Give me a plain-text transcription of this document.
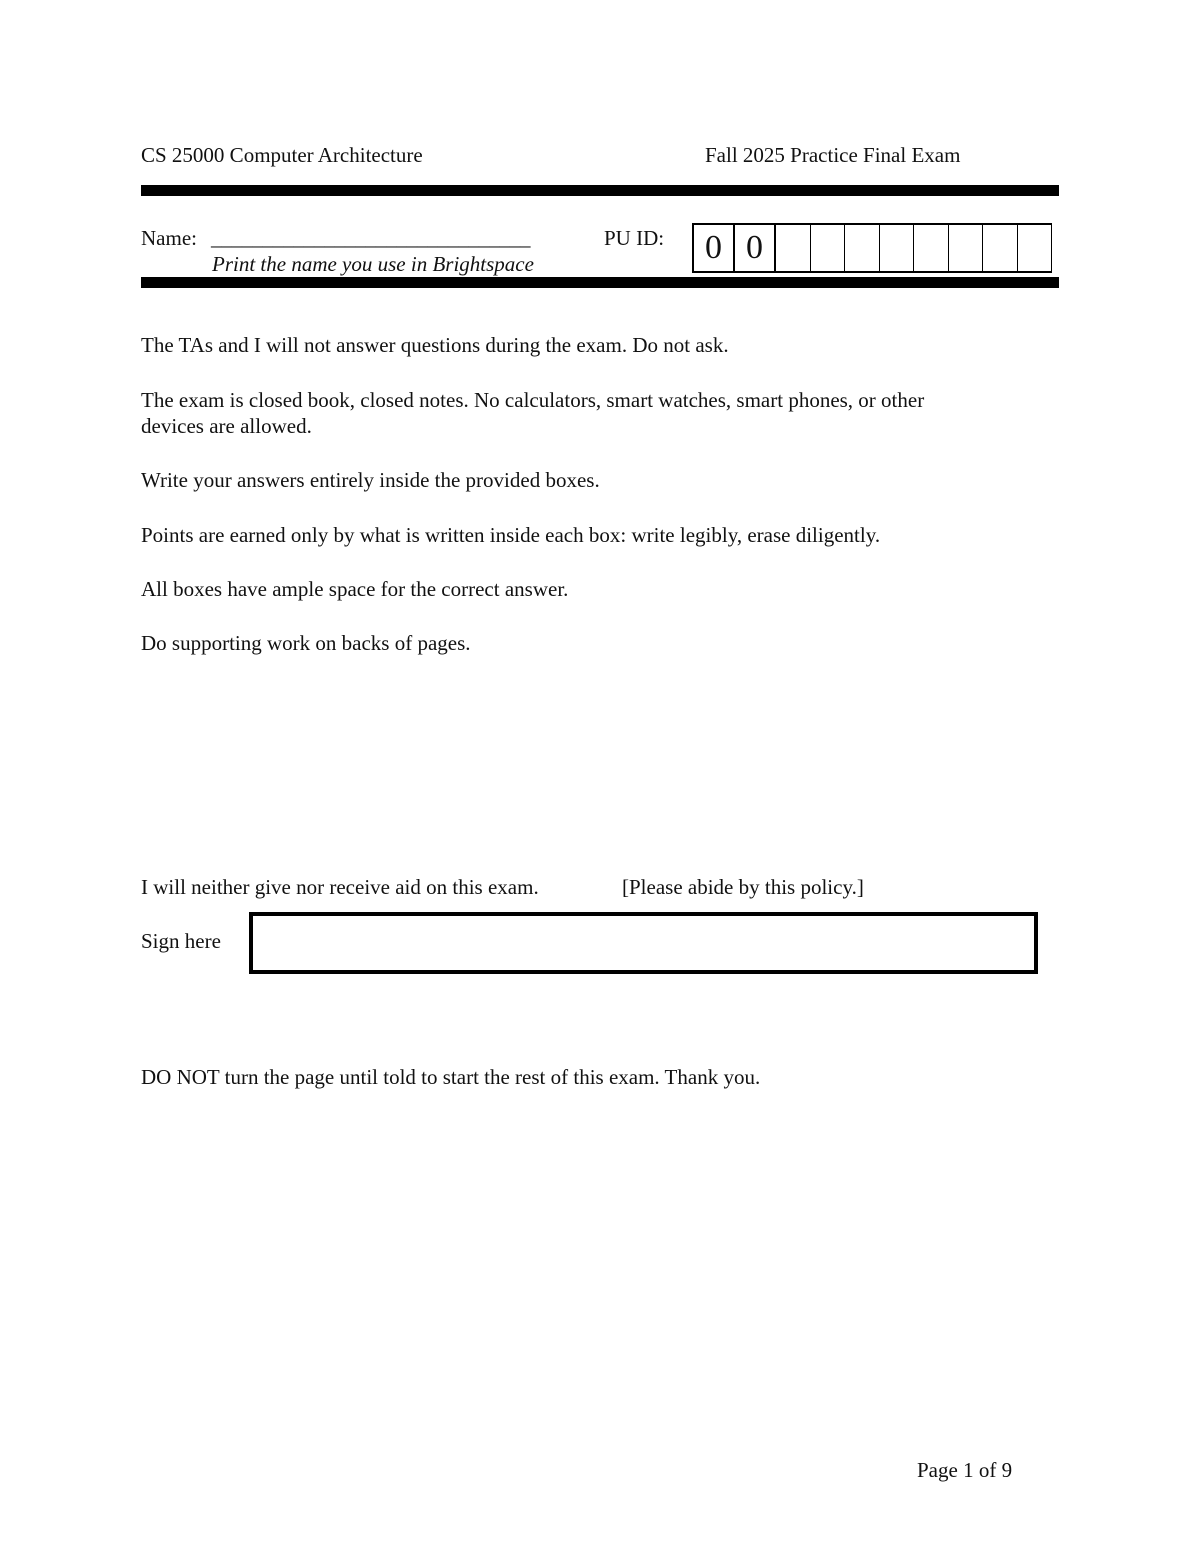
CS 25000 Computer Architecture	Fall 2025 Practice Final Exam
Name: _______________________________
Print the name you use in Brightspace
PU ID:	0 0
The TAs and I will not answer questions during the exam. Do not ask.
The exam is closed book, closed notes. No calculators, smart watches, smart phones, or other
devices are allowed.
Write your answers entirely inside the provided boxes.
Points are earned only by what is written inside each box: write legibly, erase diligently.
All boxes have ample space for the correct answer.
Do supporting work on backs of pages.
I will neither give nor receive aid on this exam.	[Please abide by this policy.]
Sign here
DO NOT turn the page until told to start the rest of this exam. Thank you.
Page 1 of 9
